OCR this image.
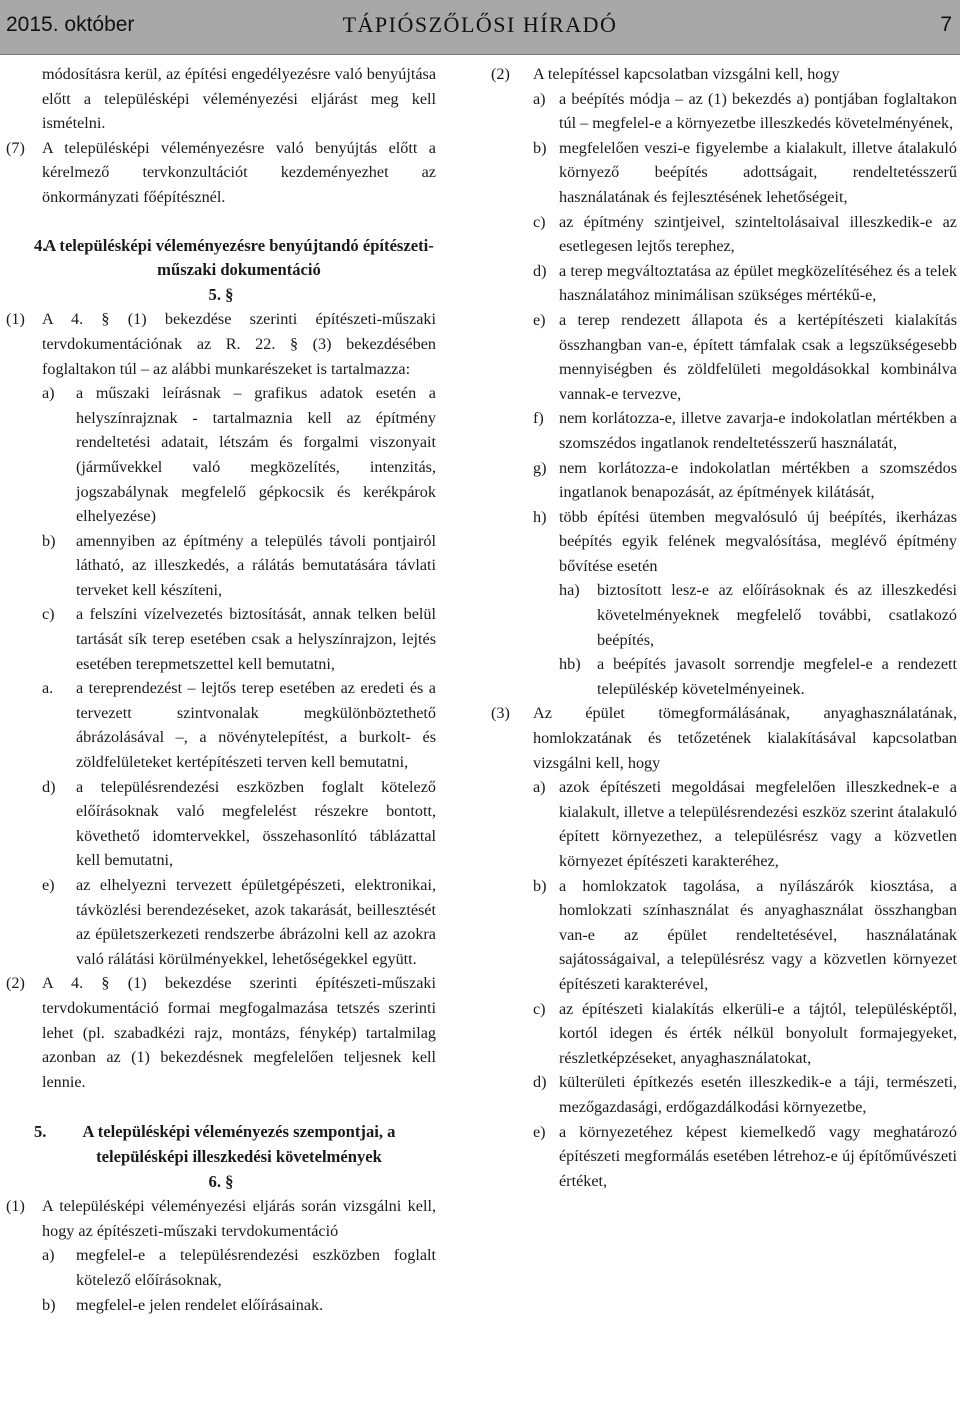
2015. október	TÁPIÓSZŐLŐSI HÍRADÓ	7

módosításra kerül, az építési engedélyezésre való benyújtása előtt a településképi véleményezési eljárást meg kell ismételni.

(7) A településképi véleményezésre való benyújtás előtt a kérelmező tervkonzultációt kezdeményezhet az önkormányzati főépítésznél.

4.
A településképi véleményezésre benyújtandó építészeti-műszaki dokumentáció
5. §

(1) A 4. § (1) bekezdése szerinti építészeti-műszaki tervdokumentációnak az R. 22. § (3) bekezdésében foglaltakon túl – az alábbi munkarészeket is tartalmazza:

a) a műszaki leírásnak – grafikus adatok esetén a helyszínrajznak - tartalmaznia kell az építmény rendeltetési adatait, létszám és forgalmi viszonyait (járművekkel való megközelítés, intenzitás, jogszabálynak megfelelő gépkocsik és kerékpárok elhelyezése)

b) amennyiben az építmény a település távoli pontjairól látható, az illeszkedés, a rálátás bemutatására távlati terveket kell készíteni,

c) a felszíni vízelvezetés biztosítását, annak telken belül tartását sík terep esetében csak a helyszínrajzon, lejtés esetében terepmetszettel kell bemutatni,

a. a tereprendezést – lejtős terep esetében az eredeti és a tervezett szintvonalak megkülönböztethető ábrázolásával –, a növénytelepítést, a burkolt- és zöldfelületeket kertépítészeti terven kell bemutatni,

d) a településrendezési eszközben foglalt kötelező előírásoknak való megfelelést részekre bontott, követhető idomtervekkel, összehasonlító táblázattal kell bemutatni,

e) az elhelyezni tervezett épületgépészeti, elektronikai, távközlési berendezéseket, azok takarását, beillesztését az épületszerkezeti rendszerbe ábrázolni kell az azokra való rálátási körülményekkel, lehetőségekkel együtt.

(2) A 4. § (1) bekezdése szerinti építészeti-műszaki tervdokumentáció formai megfogalmazása tetszés szerinti lehet (pl. szabadkézi rajz, montázs, fénykép) tartalmilag azonban az (1) bekezdésnek megfelelően teljesnek kell lennie.

5. A településképi véleményezés szempontjai, a településképi illeszkedési követelmények
6. §

(1) A településképi véleményezési eljárás során vizsgálni kell, hogy az építészeti-műszaki tervdokumentáció

a) megfelel-e a településrendezési eszközben foglalt kötelező előírásoknak,

b) megfelel-e jelen rendelet előírásainak.

(2) A telepítéssel kapcsolatban vizsgálni kell, hogy

a) a beépítés módja – az (1) bekezdés a) pontjában foglaltakon túl – megfelel-e a környezetbe illeszkedés követelményének,

b) megfelelően veszi-e figyelembe a kialakult, illetve átalakuló környező beépítés adottságait, rendeltetésszerű használatának és fejlesztésének lehetőségeit,

c) az építmény szintjeivel, szinteltolásaival illeszkedik-e az esetlegesen lejtős terephez,

d) a terep megváltoztatása az épület megközelítéséhez és a telek használatához minimálisan szükséges mértékű-e,

e) a terep rendezett állapota és a kertépítészeti kialakítás összhangban van-e, épített támfalak csak a legszükségesebb mennyiségben és zöldfelületi megoldásokkal kombinálva vannak-e tervezve,

f) nem korlátozza-e, illetve zavarja-e indokolatlan mértékben a szomszédos ingatlanok rendeltetésszerű használatát,

g) nem korlátozza-e indokolatlan mértékben a szomszédos ingatlanok benapozását, az építmények kilátását,

h) több építési ütemben megvalósuló új beépítés, ikerházas beépítés egyik felének megvalósítása, meglévő építmény bővítése esetén

ha) biztosított lesz-e az előírásoknak és az illeszkedési követelményeknek megfelelő további, csatlakozó beépítés,

hb) a beépítés javasolt sorrendje megfelel-e a rendezett településkép követelményeinek.

(3) Az épület tömegformálásának, anyaghasználatának, homlokzatának és tetőzetének kialakításával kapcsolatban vizsgálni kell, hogy

a) azok építészeti megoldásai megfelelően illeszkednek-e a kialakult, illetve a településrendezési eszköz szerint átalakuló épített környezethez, a településrész vagy a közvetlen környezet építészeti karakteréhez,

b) a homlokzatok tagolása, a nyílászárók kiosztása, a homlokzati színhasználat és anyaghasználat összhangban van-e az épület rendeltetésével, használatának sajátosságaival, a településrész vagy a közvetlen környezet építészeti karakterével,

c) az építészeti kialakítás elkerüli-e a tájtól, településképtől, kortól idegen és érték nélkül bonyolult formajegyeket, részletképzéseket, anyaghasználatokat,

d) külterületi építkezés esetén illeszkedik-e a táji, természeti, mezőgazdasági, erdőgazdálkodási környezetbe,

e) a környezetéhez képest kiemelkedő vagy meghatározó építészeti megformálás esetében létrehoz-e új építőművészeti értéket,
